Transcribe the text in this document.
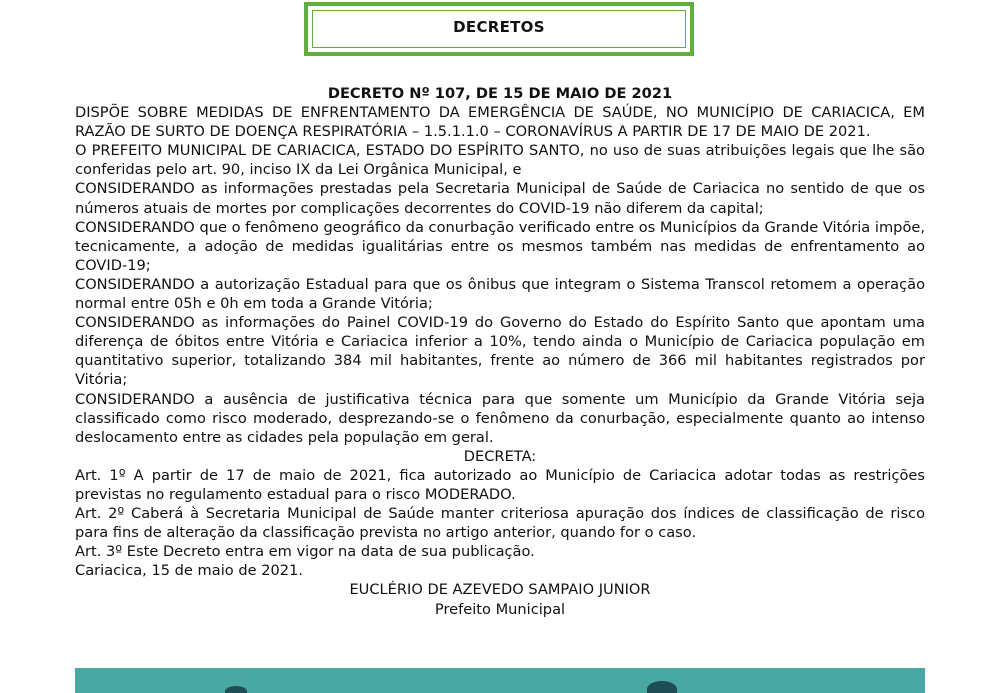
DECRETOS

DECRETO Nº 107, DE 15 DE MAIO DE 2021

DISPÕE SOBRE MEDIDAS DE ENFRENTAMENTO DA EMERGÊNCIA DE SAÚDE, NO MUNICÍPIO DE CARIACICA, EM RAZÃO DE SURTO DE DOENÇA RESPIRATÓRIA – 1.5.1.1.0 – CORONAVÍRUS A PARTIR DE 17 DE MAIO DE 2021.

O PREFEITO MUNICIPAL DE CARIACICA, ESTADO DO ESPÍRITO SANTO, no uso de suas atribuições legais que lhe são conferidas pelo art. 90, inciso IX da Lei Orgânica Municipal, e

CONSIDERANDO as informações prestadas pela Secretaria Municipal de Saúde de Cariacica no sentido de que os números atuais de mortes por complicações decorrentes do COVID-19 não diferem da capital;

CONSIDERANDO que o fenômeno geográfico da conurbação verificado entre os Municípios da Grande Vitória impõe, tecnicamente, a adoção de medidas igualitárias entre os mesmos também nas medidas de enfrentamento ao COVID-19;

CONSIDERANDO a autorização Estadual para que os ônibus que integram o Sistema Transcol retomem a operação normal entre 05h e 0h em toda a Grande Vitória;

CONSIDERANDO as informações do Painel COVID-19 do Governo do Estado do Espírito Santo que apontam uma diferença de óbitos entre Vitória e Cariacica inferior a 10%, tendo ainda o Município de Cariacica população em quantitativo superior, totalizando 384 mil habitantes, frente ao número de 366 mil habitantes registrados por Vitória;

CONSIDERANDO a ausência de justificativa técnica para que somente um Município da Grande Vitória seja classificado como risco moderado, desprezando-se o fenômeno da conurbação, especialmente quanto ao intenso deslocamento entre as cidades pela população em geral.

DECRETA:

Art. 1º A partir de 17 de maio de 2021, fica autorizado ao Município de Cariacica adotar todas as restrições previstas no regulamento estadual para o risco MODERADO.

Art. 2º Caberá à Secretaria Municipal de Saúde manter criteriosa apuração dos índices de classificação de risco para fins de alteração da classificação prevista no artigo anterior, quando for o caso.

Art. 3º Este Decreto entra em vigor na data de sua publicação.

Cariacica, 15 de maio de 2021.

EUCLÉRIO DE AZEVEDO SAMPAIO JUNIOR

Prefeito Municipal
